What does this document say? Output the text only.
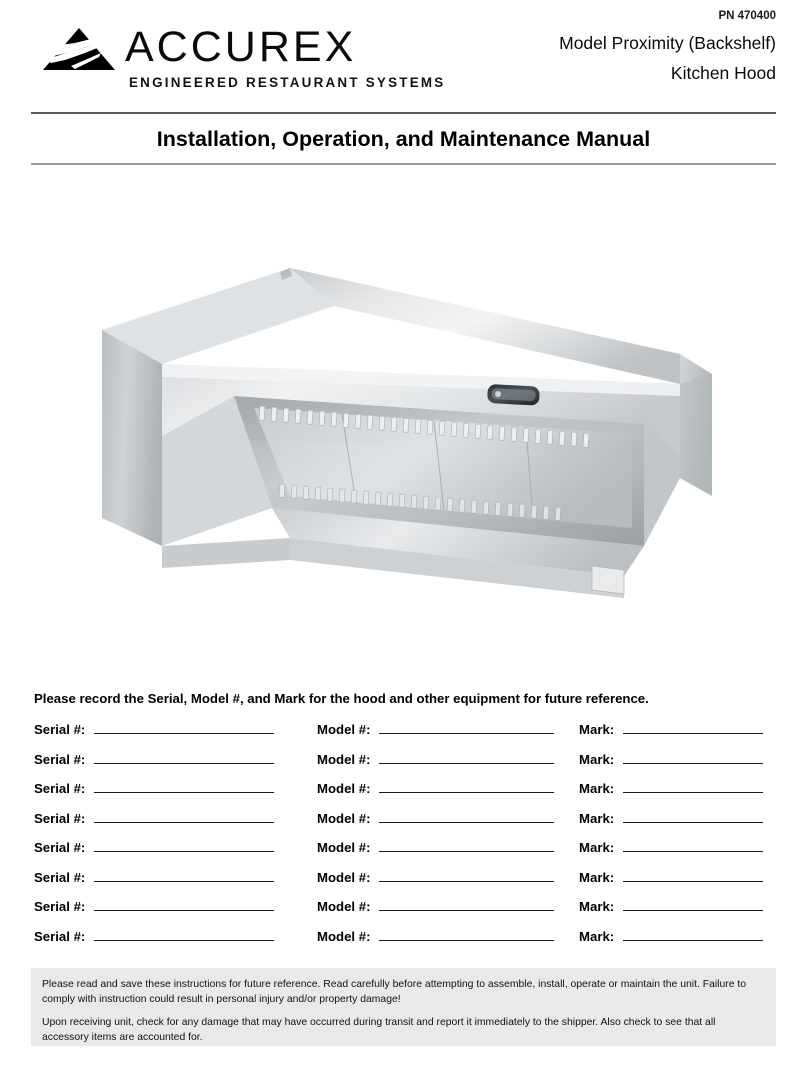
ACCUREX
ENGINEERED RESTAURANT SYSTEMS
PN 470400
Model Proximity (Backshelf)
Kitchen Hood
Installation, Operation, and Maintenance Manual
Please record the Serial, Model #, and Mark for the hood and other equipment for future reference.
Serial #:	Model #:	Mark:
Serial #:	Model #:	Mark:
Serial #:	Model #:	Mark:
Serial #:	Model #:	Mark:
Serial #:	Model #:	Mark:
Serial #:	Model #:	Mark:
Serial #:	Model #:	Mark:
Serial #:	Model #:	Mark:

Please read and save these instructions for future reference. Read carefully before attempting to assemble, install, operate or maintain the unit. Failure to comply with instruction could result in personal injury and/or property damage!

Upon receiving unit, check for any damage that may have occurred during transit and report it immediately to the shipper. Also check to see that all accessory items are accounted for.
